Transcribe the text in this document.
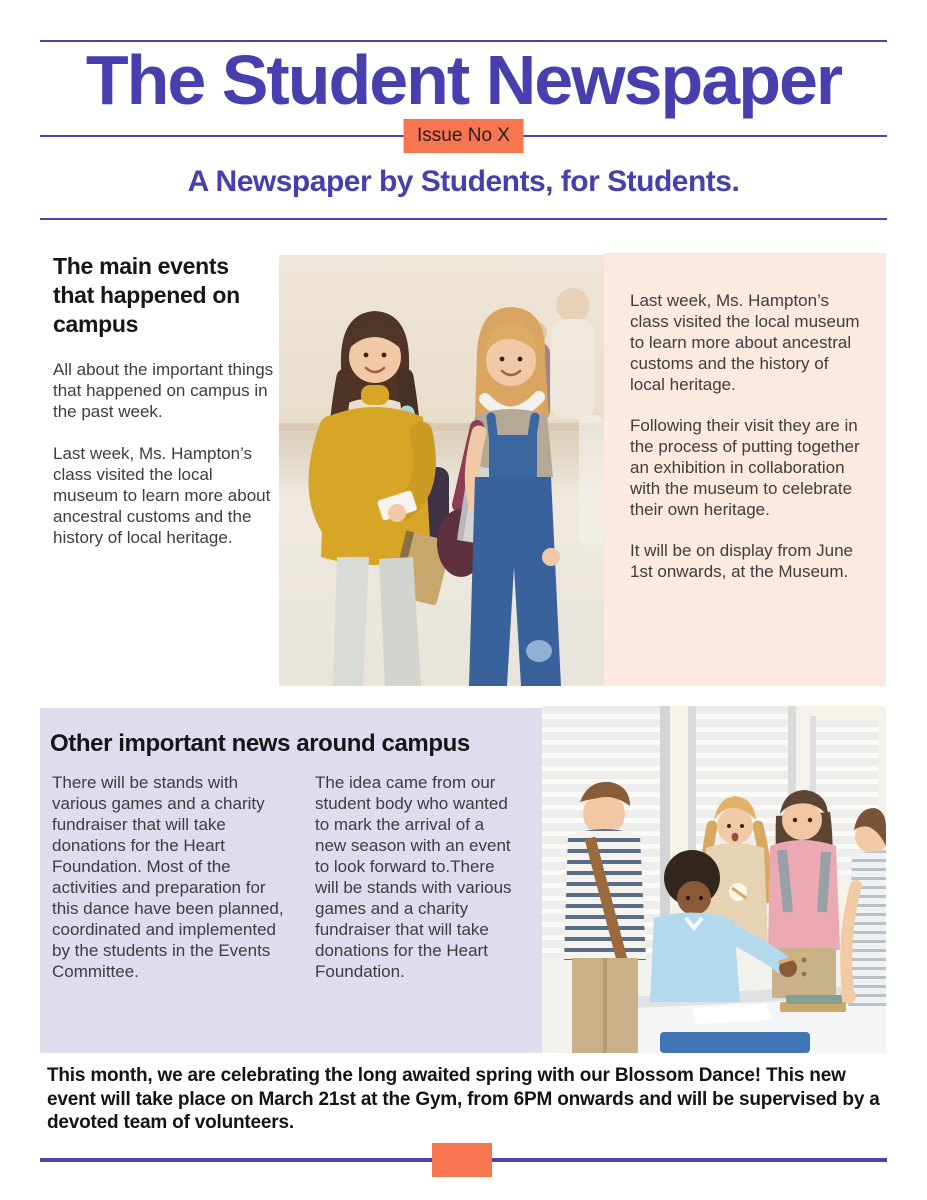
The Student Newspaper
Issue No X
A Newspaper by Students, for Students.
The main events that happened on campus

All about the important things that happened on campus in the past week.

Last week, Ms. Hampton’s class visited the local museum to learn more about ancestral customs and the history of local heritage.

Last week, Ms. Hampton’s class visited the local museum to learn more about ancestral customs and the history of local heritage.

Following their visit they are in the process of putting together an exhibition in collaboration with the museum to celebrate their own heritage.

It will be on display from June 1st onwards, at the Museum.

Other important news around campus

There will be stands with various games and a charity fundraiser that will take donations for the Heart Foundation. Most of the activities and preparation for this dance have been planned, coordinated and implemented by the students in the Events Committee.

The idea came from our student body who wanted to mark the arrival of a new season with an event to look forward to.There will be stands with various games and a charity fundraiser that will take donations for the Heart Foundation.

This month, we are celebrating the long awaited spring with our Blossom Dance! This new event will take place on March 21st at the Gym, from 6PM onwards and will be supervised by a devoted team of volunteers.
